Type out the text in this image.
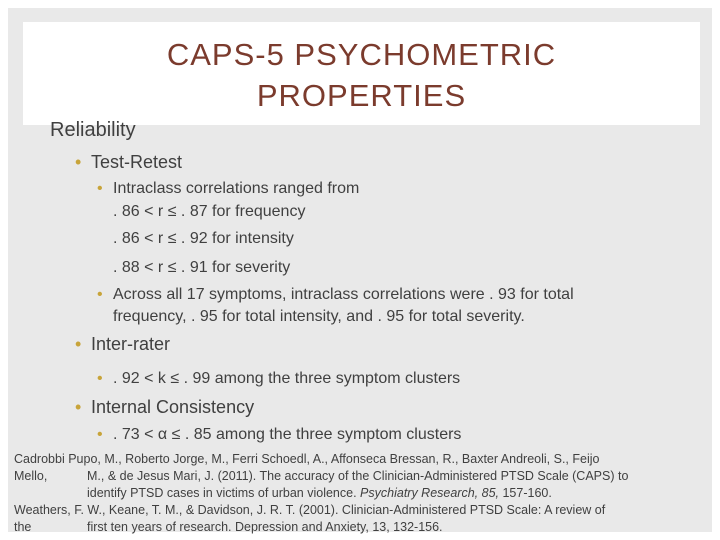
CAPS-5 PSYCHOMETRIC
PROPERTIES
Reliability
• Test-Retest
• Intraclass correlations ranged from
. 86 < r ≤ . 87 for frequency
. 86 < r ≤ . 92 for intensity
. 88 < r ≤ . 91 for severity
• Across all 17 symptoms, intraclass correlations were . 93 for total
frequency, . 95 for total intensity, and . 95 for total severity.
• Inter-rater
• . 92 < k ≤ . 99 among the three symptom clusters
• Internal Consistency
• . 73 < α ≤ . 85 among the three symptom clusters
Cadrobbi Pupo, M., Roberto Jorge, M., Ferri Schoedl, A., Affonseca Bressan, R., Baxter Andreoli, S., Feijo
Mello,	M., & de Jesus Mari, J. (2011). The accuracy of the Clinician-Administered PTSD Scale (CAPS) to
identify PTSD cases in victims of urban violence. Psychiatry Research, 85, 157-160.
Weathers, F. W., Keane, T. M., & Davidson, J. R. T. (2001). Clinician-Administered PTSD Scale: A review of
the	first ten years of research. Depression and Anxiety, 13, 132-156.
